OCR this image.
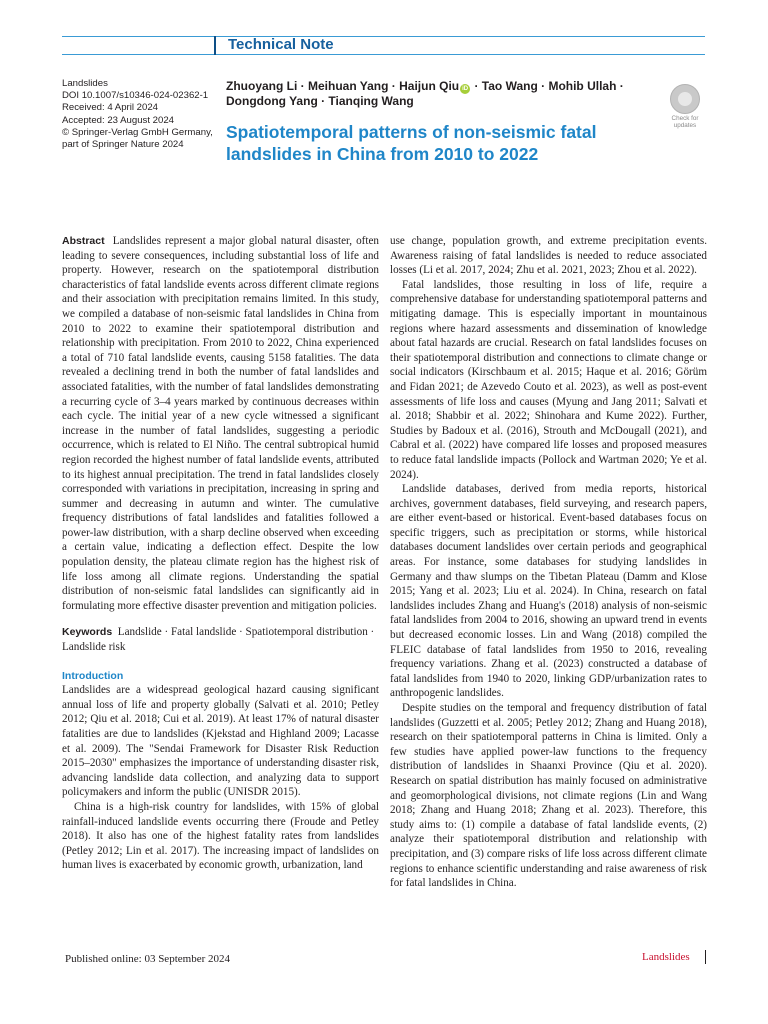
Technical Note
Landslides
DOI 10.1007/s10346-024-02362-1
Received: 4 April 2024
Accepted: 23 August 2024
© Springer-Verlag GmbH Germany,
part of Springer Nature 2024
Zhuoyang Li · Meihuan Yang · Haijun Qiu iD · Tao Wang · Mohib Ullah ·
Dongdong Yang · Tianqing Wang
Spatiotemporal patterns of non-seismic fatal landslides in China from 2010 to 2022
Check for
updates

Abstract Landslides represent a major global natural disaster, often leading to severe consequences, including substantial loss of life and property. However, research on the spatiotemporal distribution characteristics of fatal landslide events across different climate regions and their association with precipitation remains limited. In this study, we compiled a database of non-seismic fatal landslides in China from 2010 to 2022 to examine their spatiotemporal distribution and relationship with precipitation. From 2010 to 2022, China experienced a total of 710 fatal landslide events, causing 5158 fatalities. The data revealed a declining trend in both the number of fatal landslides and associated fatalities, with the number of fatal landslides demonstrating a recurring cycle of 3–4 years marked by continuous decreases within each cycle. The initial year of a new cycle witnessed a significant increase in the number of fatal landslides, suggesting a periodic occurrence, which is related to El Niño. The central subtropical humid region recorded the highest number of fatal landslide events, attributed to its highest annual precipitation. The trend in fatal landslides closely corresponded with variations in precipitation, increasing in spring and summer and decreasing in autumn and winter. The cumulative frequency distributions of fatal landslides and fatalities followed a power-law distribution, with a sharp decline observed when exceeding a certain value, indicating a deflection effect. Despite the low population density, the plateau climate region has the highest risk of life loss among all climate regions. Understanding the spatial distribution of non-seismic fatal landslides can significantly aid in formulating more effective disaster prevention and mitigation policies.

Keywords Landslide · Fatal landslide · Spatiotemporal distribution · Landslide risk

Introduction

Landslides are a widespread geological hazard causing significant annual loss of life and property globally (Salvati et al. 2010; Petley 2012; Qiu et al. 2018; Cui et al. 2019). At least 17% of natural disaster fatalities are due to landslides (Kjekstad and Highland 2009; Lacasse et al. 2009). The "Sendai Framework for Disaster Risk Reduction 2015–2030" emphasizes the importance of understanding disaster risk, advancing landslide data collection, and analyzing data to support policymakers and inform the public (UNISDR 2015).

China is a high-risk country for landslides, with 15% of global rainfall-induced landslide events occurring there (Froude and Petley 2018). It also has one of the highest fatality rates from landslides (Petley 2012; Lin et al. 2017). The increasing impact of landslides on human lives is exacerbated by economic growth, urbanization, land

use change, population growth, and extreme precipitation events. Awareness raising of fatal landslides is needed to reduce associated losses (Li et al. 2017, 2024; Zhu et al. 2021, 2023; Zhou et al. 2022).

Fatal landslides, those resulting in loss of life, require a comprehensive database for understanding spatiotemporal patterns and mitigating damage. This is especially important in mountainous regions where hazard assessments and dissemination of knowledge about fatal hazards are crucial. Research on fatal landslides focuses on their spatiotemporal distribution and connections to climate change or social indicators (Kirschbaum et al. 2015; Haque et al. 2016; Görüm and Fidan 2021; de Azevedo Couto et al. 2023), as well as post-event assessments of life loss and causes (Myung and Jang 2011; Salvati et al. 2018; Shabbir et al. 2022; Shinohara and Kume 2022). Further, Studies by Badoux et al. (2016), Strouth and McDougall (2021), and Cabral et al. (2022) have compared life losses and proposed measures to reduce fatal landslide impacts (Pollock and Wartman 2020; Ye et al. 2024).

Landslide databases, derived from media reports, historical archives, government databases, field surveying, and research papers, are either event-based or historical. Event-based databases focus on specific triggers, such as precipitation or storms, while historical databases document landslides over certain periods and geographical areas. For instance, some databases for studying landslides in Germany and thaw slumps on the Tibetan Plateau (Damm and Klose 2015; Yang et al. 2023; Liu et al. 2024). In China, research on fatal landslides includes Zhang and Huang's (2018) analysis of non-seismic fatal landslides from 2004 to 2016, showing an upward trend in events but decreased economic losses. Lin and Wang (2018) compiled the FLEIC database of fatal landslides from 1950 to 2016, revealing frequency variations. Zhang et al. (2023) constructed a database of fatal landslides from 1940 to 2020, linking GDP/urbanization rates to anthropogenic landslides.

Despite studies on the temporal and frequency distribution of fatal landslides (Guzzetti et al. 2005; Petley 2012; Zhang and Huang 2018), research on their spatiotemporal patterns in China is limited. Only a few studies have applied power-law functions to the frequency distribution of landslides in Shaanxi Province (Qiu et al. 2020). Research on spatial distribution has mainly focused on administrative and geomorphological divisions, not climate regions (Lin and Wang 2018; Zhang and Huang 2018; Zhang et al. 2023). Therefore, this study aims to: (1) compile a database of fatal landslide events, (2) analyze their spatiotemporal distribution and relationship with precipitation, and (3) compare risks of life loss across different climate regions to enhance scientific understanding and raise awareness of risk for fatal landslides in China.

Published online: 03 September 2024	Landslides
